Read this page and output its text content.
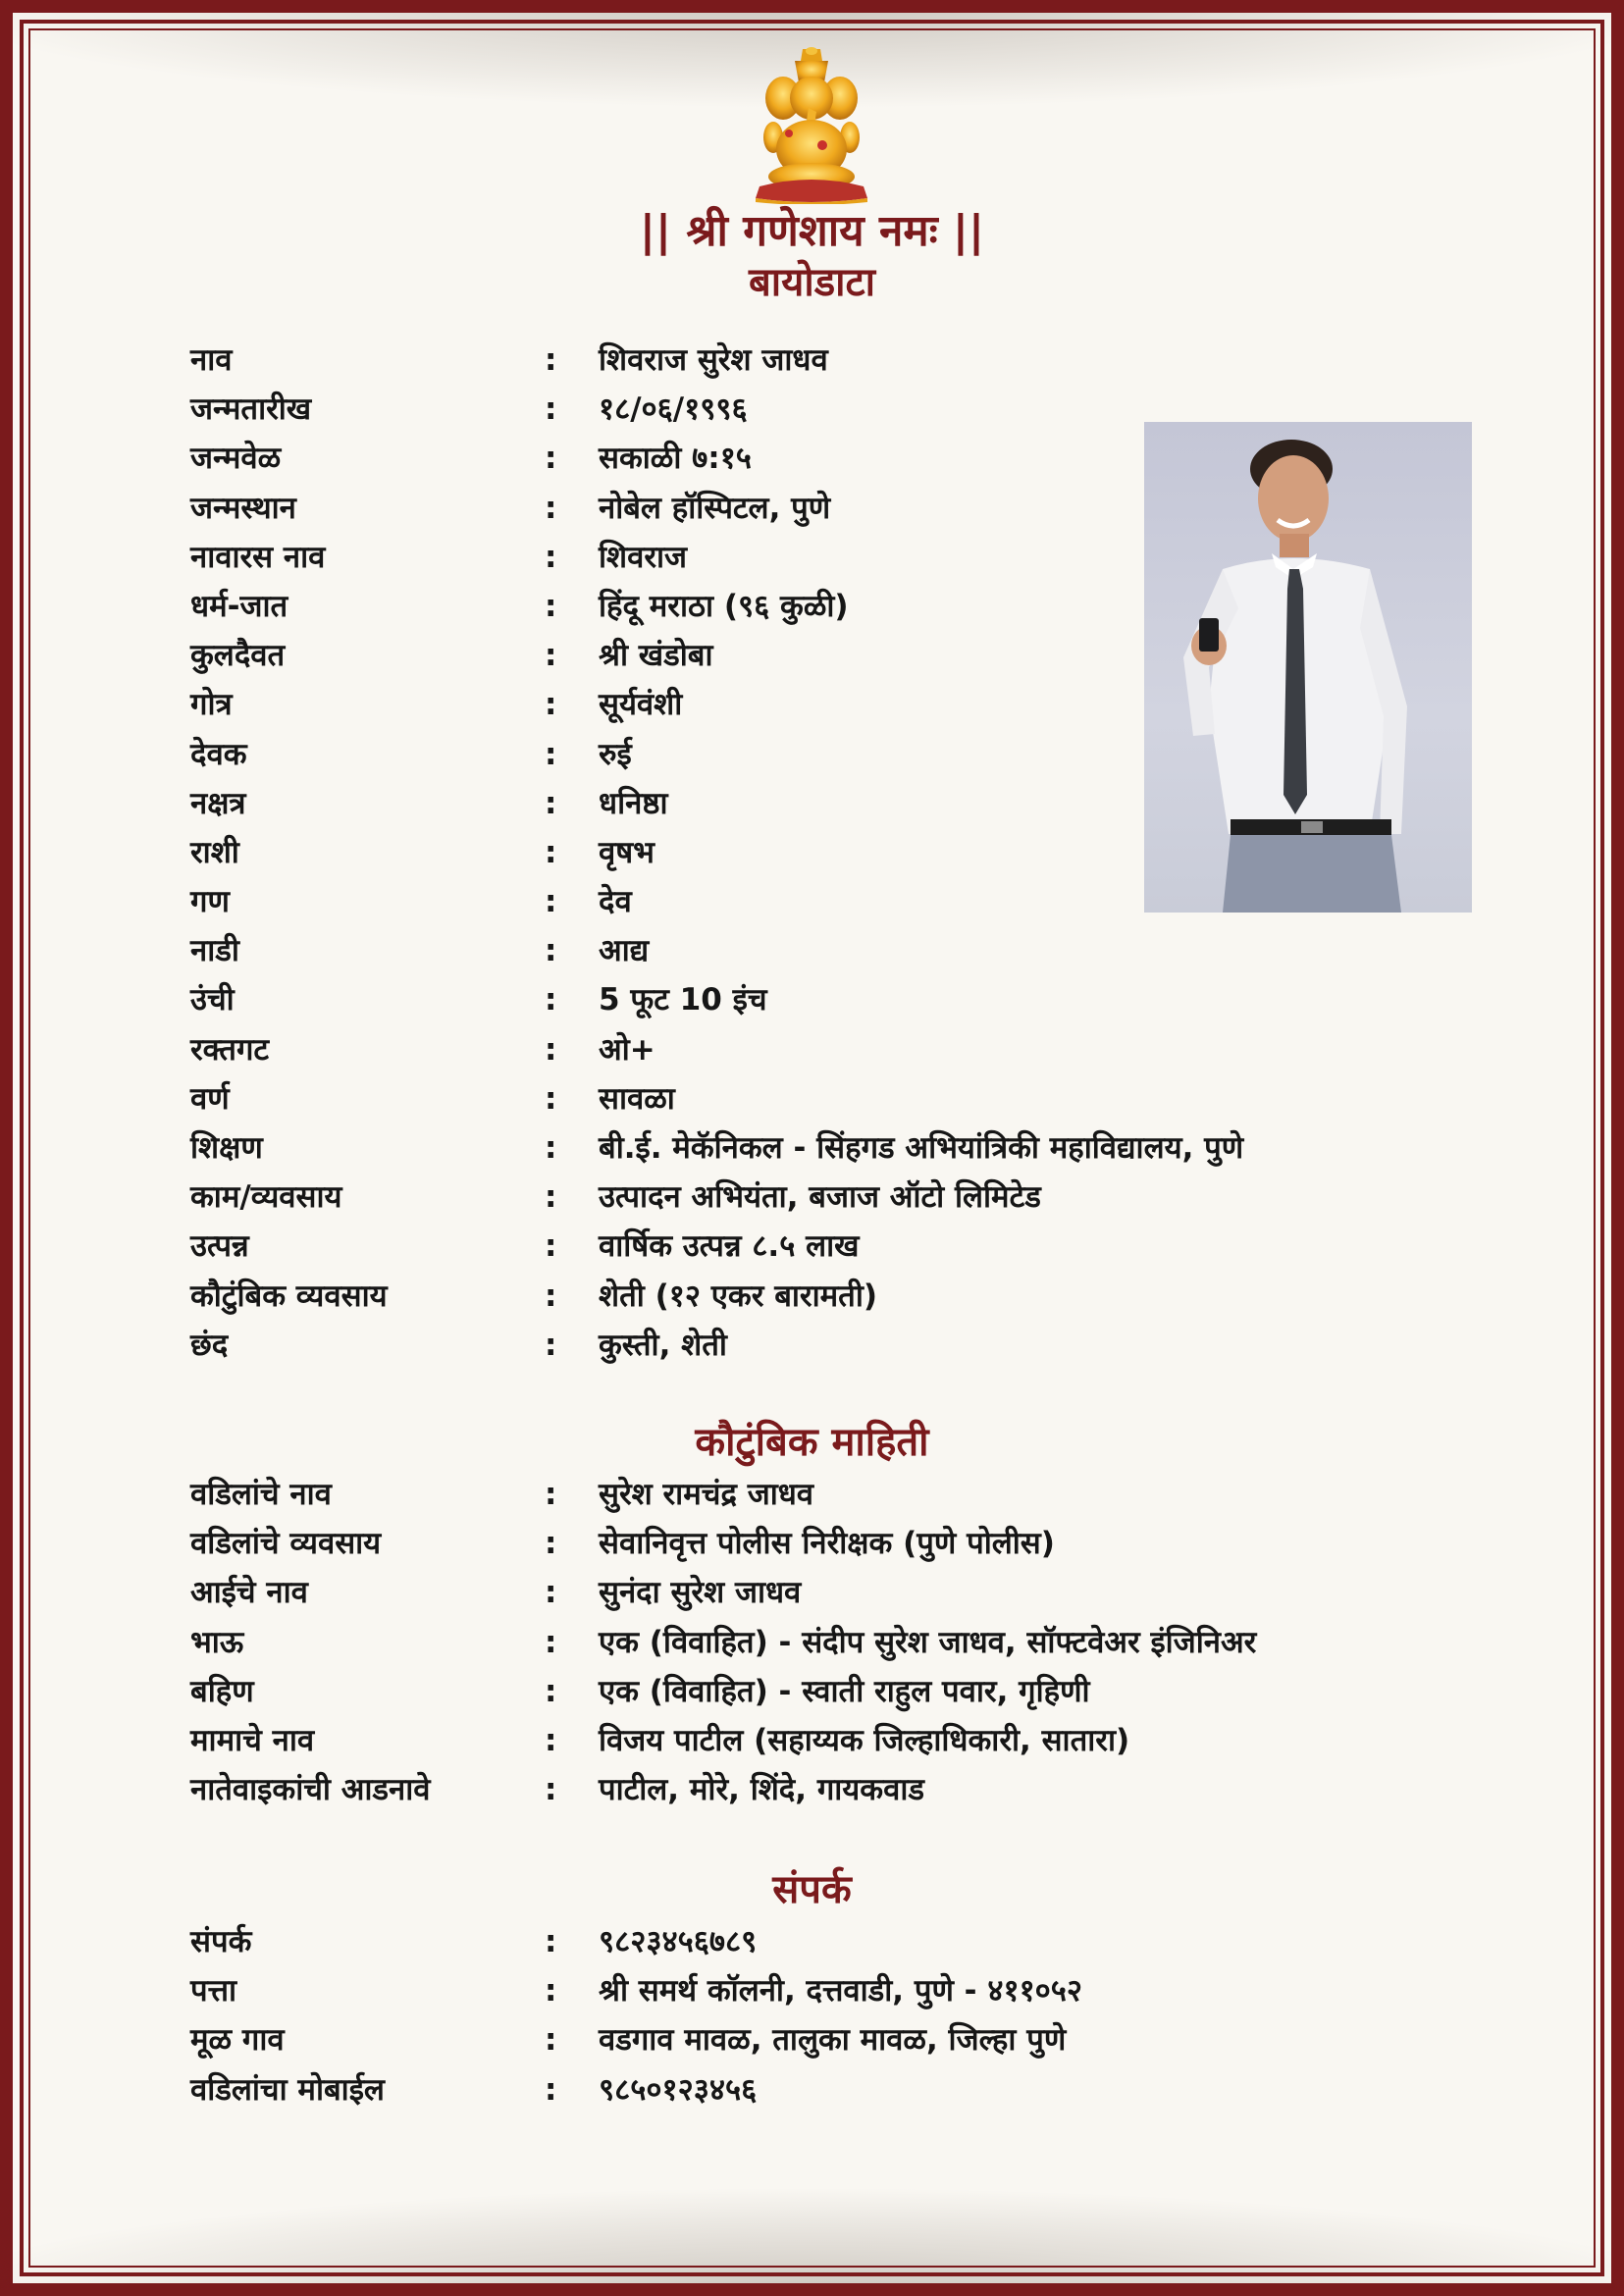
|| श्री गणेशाय नमः ||
बायोडाटा
नाव	: शिवराज सुरेश जाधव
जन्मतारीख	: १८/०६/१९९६
जन्मवेळ	: सकाळी ७:१५
जन्मस्थान	: नोबेल हॉस्पिटल, पुणे
नावारस नाव	: शिवराज
धर्म-जात	: हिंदू मराठा (९६ कुळी)
कुलदैवत	: श्री खंडोबा
गोत्र	: सूर्यवंशी
देवक	: रुई
नक्षत्र	: धनिष्ठा
राशी	: वृषभ
गण	: देव
नाडी	: आद्य
उंची	: 5 फूट 10 इंच
रक्तगट	: ओ+
वर्ण	: सावळा
शिक्षण	: बी.ई. मेकॅनिकल - सिंहगड अभियांत्रिकी महाविद्यालय, पुणे
काम/व्यवसाय	: उत्पादन अभियंता, बजाज ऑटो लिमिटेड
उत्पन्न	: वार्षिक उत्पन्न ८.५ लाख
कौटुंबिक व्यवसाय	: शेती (१२ एकर बारामती)
छंद	: कुस्ती, शेती
कौटुंबिक माहिती
वडिलांचे नाव	: सुरेश रामचंद्र जाधव
वडिलांचे व्यवसाय	: सेवानिवृत्त पोलीस निरीक्षक (पुणे पोलीस)
आईचे नाव	: सुनंदा सुरेश जाधव
भाऊ	: एक (विवाहित) - संदीप सुरेश जाधव, सॉफ्टवेअर इंजिनिअर
बहिण	: एक (विवाहित) - स्वाती राहुल पवार, गृहिणी
मामाचे नाव	: विजय पाटील (सहाय्यक जिल्हाधिकारी, सातारा)
नातेवाइकांची आडनावे	: पाटील, मोरे, शिंदे, गायकवाड
संपर्क
संपर्क	: ९८२३४५६७८९
पत्ता	: श्री समर्थ कॉलनी, दत्तवाडी, पुणे - ४११०५२
मूळ गाव	: वडगाव मावळ, तालुका मावळ, जिल्हा पुणे
वडिलांचा मोबाईल	: ९८५०१२३४५६
